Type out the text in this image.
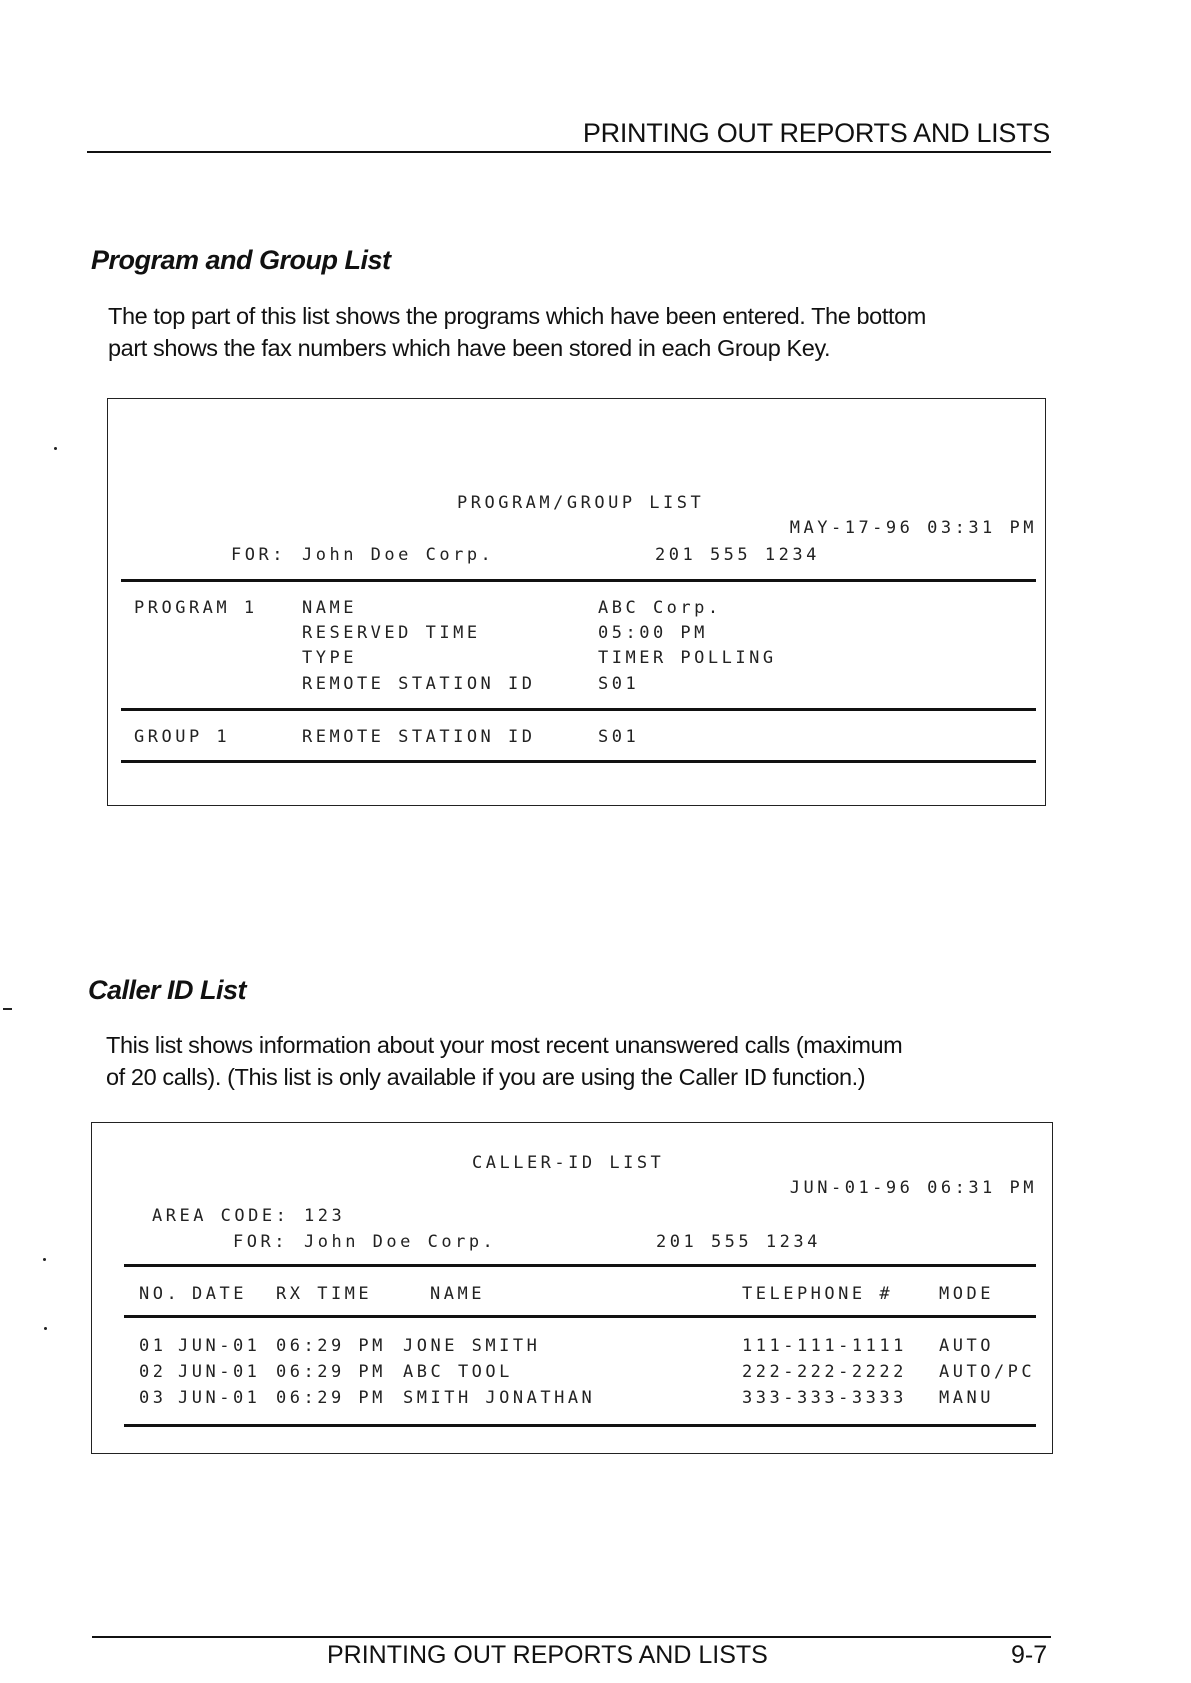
PRINTING OUT REPORTS AND LISTS
Program and Group List

The top part of this list shows the programs which have been entered. The bottom

part shows the fax numbers which have been stored in each Group Key.

PROGRAM/GROUP LIST
MAY-17-96 03:31 PM
FOR: John Doe Corp.	201 555 1234
PROGRAM 1	NAME	ABC Corp.
RESERVED TIME	05:00 PM
TYPE	TIMER POLLING
REMOTE STATION ID	S01
GROUP 1	REMOTE STATION ID	S01
Caller ID List

This list shows information about your most recent unanswered calls (maximum

of 20 calls). (This list is only available if you are using the Caller ID function.)

CALLER-ID LIST
JUN-01-96 06:31 PM
AREA CODE: 123
FOR: John Doe Corp.	201 555 1234
NO. DATE RX TIME	NAME	TELEPHONE #	MODE
01 JUN-01 06:29 PM JONE SMITH	111-111-1111 AUTO
02 JUN-01 06:29 PM ABC TOOL	222-222-2222 AUTO/PC
03 JUN-01 06:29 PM SMITH JONATHAN	333-333-3333 MANU
PRINTING OUT REPORTS AND LISTS	9-7
